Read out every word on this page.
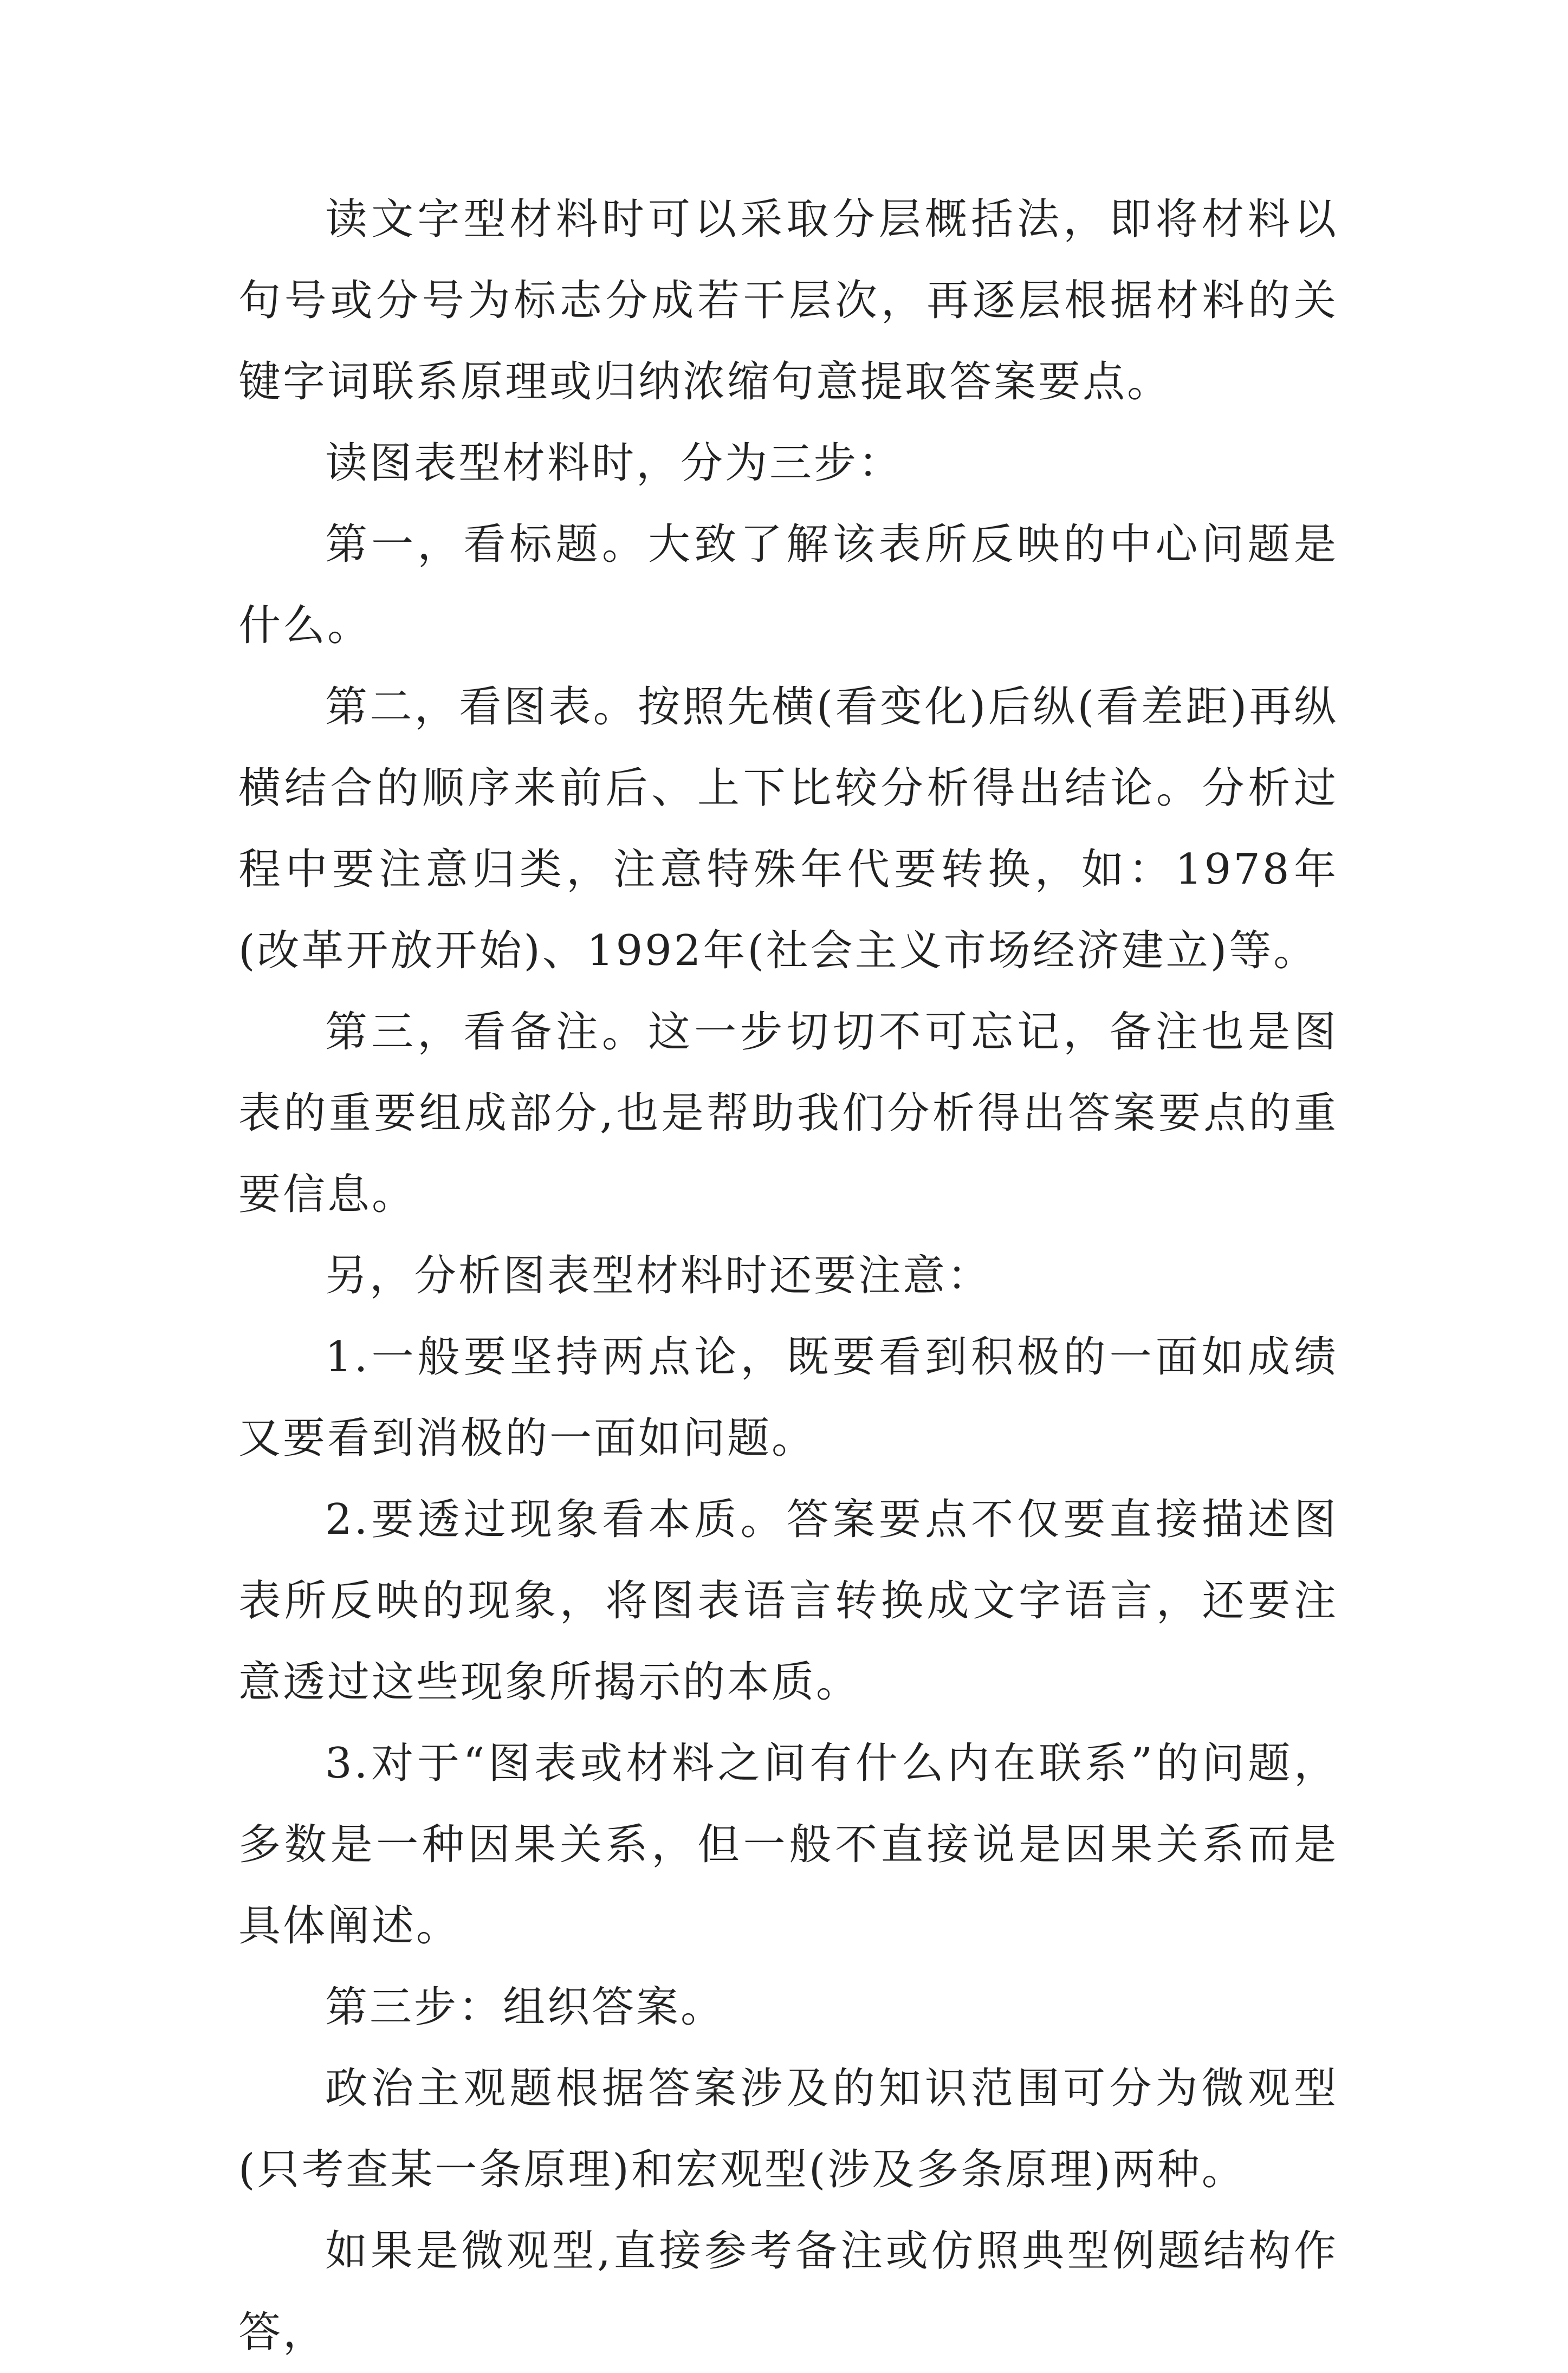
读文字型材料时可以采取分层概括法，即将材料以句号或分号为标志分成若干层次，再逐层根据材料的关键字词联系原理或归纳浓缩句意提取答案要点。

读图表型材料时，分为三步：

第一，看标题。大致了解该表所反映的中心问题是什么。

第二，看图表。按照先横(看变化)后纵(看差距)再纵横结合的顺序来前后、上下比较分析得出结论。分析过程中要注意归类，注意特殊年代要转换，如：1978年(改革开放开始)、1992年(社会主义市场经济建立)等。

第三，看备注。这一步切切不可忘记，备注也是图表的重要组成部分,也是帮助我们分析得出答案要点的重要信息。

另，分析图表型材料时还要注意：

1.一般要坚持两点论，既要看到积极的一面如成绩又要看到消极的一面如问题。

2.要透过现象看本质。答案要点不仅要直接描述图表所反映的现象，将图表语言转换成文字语言，还要注意透过这些现象所揭示的本质。

3.对于“图表或材料之间有什么内在联系”的问题，多数是一种因果关系，但一般不直接说是因果关系而是具体阐述。

第三步：组织答案。

政治主观题根据答案涉及的知识范围可分为微观型(只考查某一条原理)和宏观型(涉及多条原理)两种。

如果是微观型,直接参考备注或仿照典型例题结构作答，
